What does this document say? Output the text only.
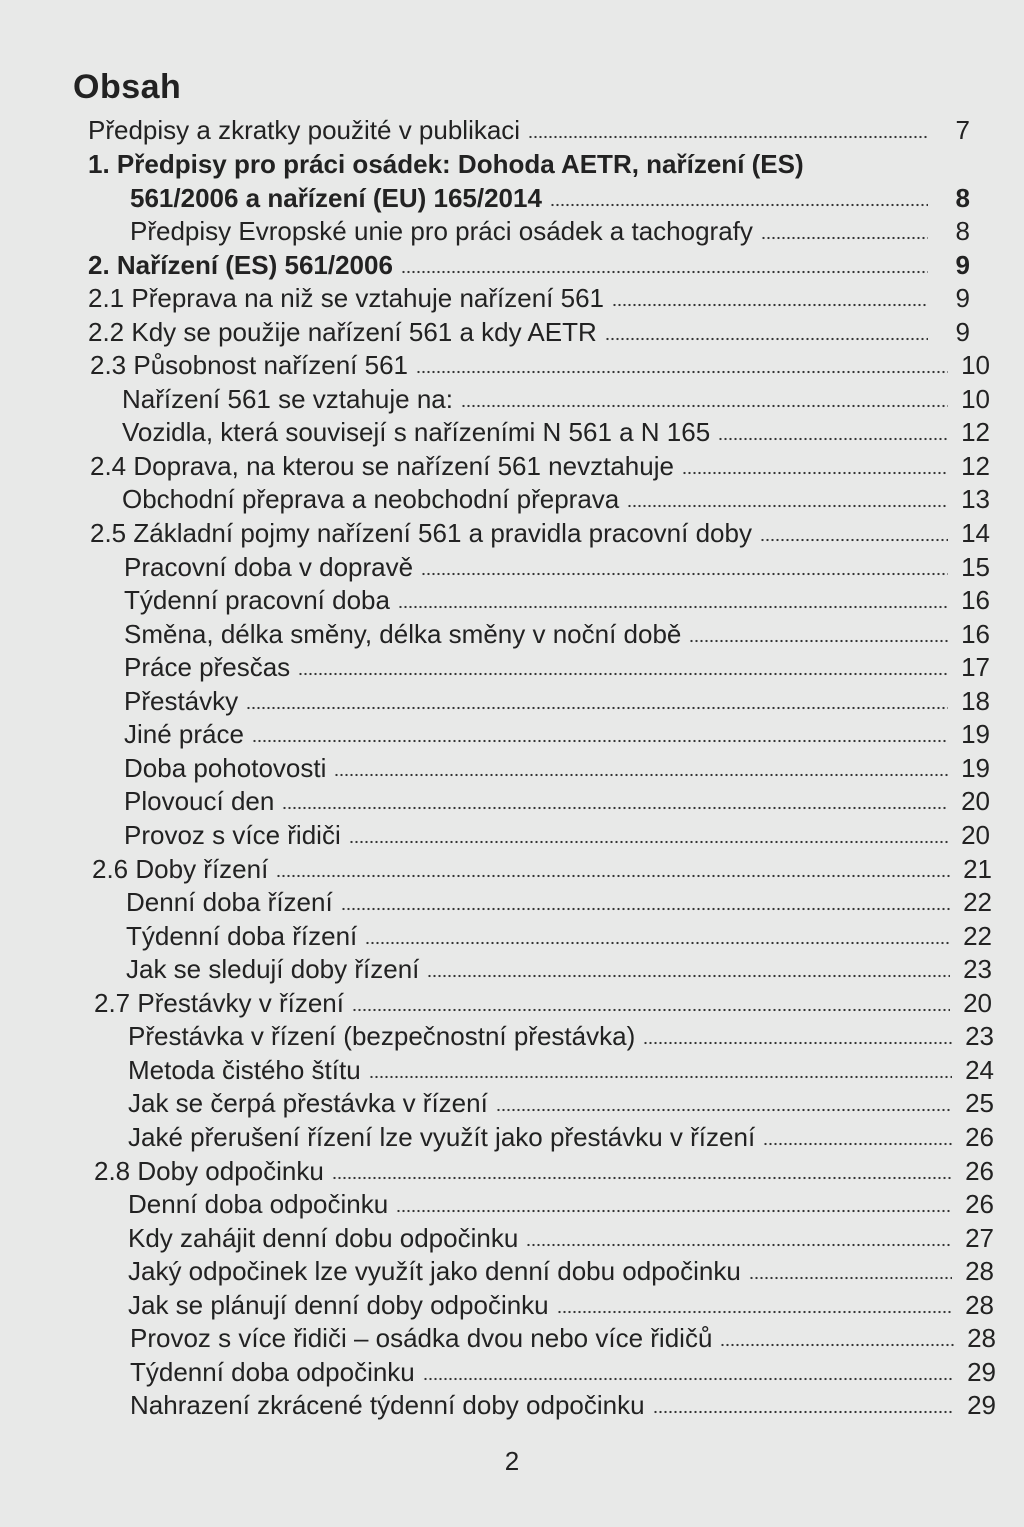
Obsah
Předpisy a zkratky použité v publikaci	7
1. Předpisy pro práci osádek: Dohoda AETR, nařízení (ES)
561/2006 a nařízení (EU) 165/2014	8
Předpisy Evropské unie pro práci osádek a tachografy	8
2. Nařízení (ES) 561/2006	9
2.1 Přeprava na niž se vztahuje nařízení 561	9
2.2 Kdy se použije nařízení 561 a kdy AETR	9
2.3 Působnost nařízení 561	10
Nařízení 561 se vztahuje na:	10
Vozidla, která souvisejí s nařízeními N 561 a N 165	12
2.4 Doprava, na kterou se nařízení 561 nevztahuje	12
Obchodní přeprava a neobchodní přeprava	13
2.5 Základní pojmy nařízení 561 a pravidla pracovní doby	14
Pracovní doba v dopravě	15
Týdenní pracovní doba	16
Směna, délka směny, délka směny v noční době	16
Práce přesčas	17
Přestávky	18
Jiné práce	19
Doba pohotovosti	19
Plovoucí den	20
Provoz s více řidiči	20
2.6 Doby řízení	21
Denní doba řízení	22
Týdenní doba řízení	22
Jak se sledují doby řízení	23
2.7 Přestávky v řízení	20
Přestávka v řízení (bezpečnostní přestávka)	23
Metoda čistého štítu	24
Jak se čerpá přestávka v řízení	25
Jaké přerušení řízení lze využít jako přestávku v řízení	26
2.8 Doby odpočinku	26
Denní doba odpočinku	26
Kdy zahájit denní dobu odpočinku	27
Jaký odpočinek lze využít jako denní dobu odpočinku	28
Jak se plánují denní doby odpočinku	28
Provoz s více řidiči – osádka dvou nebo více řidičů	28
Týdenní doba odpočinku	29
Nahrazení zkrácené týdenní doby odpočinku	29
2
